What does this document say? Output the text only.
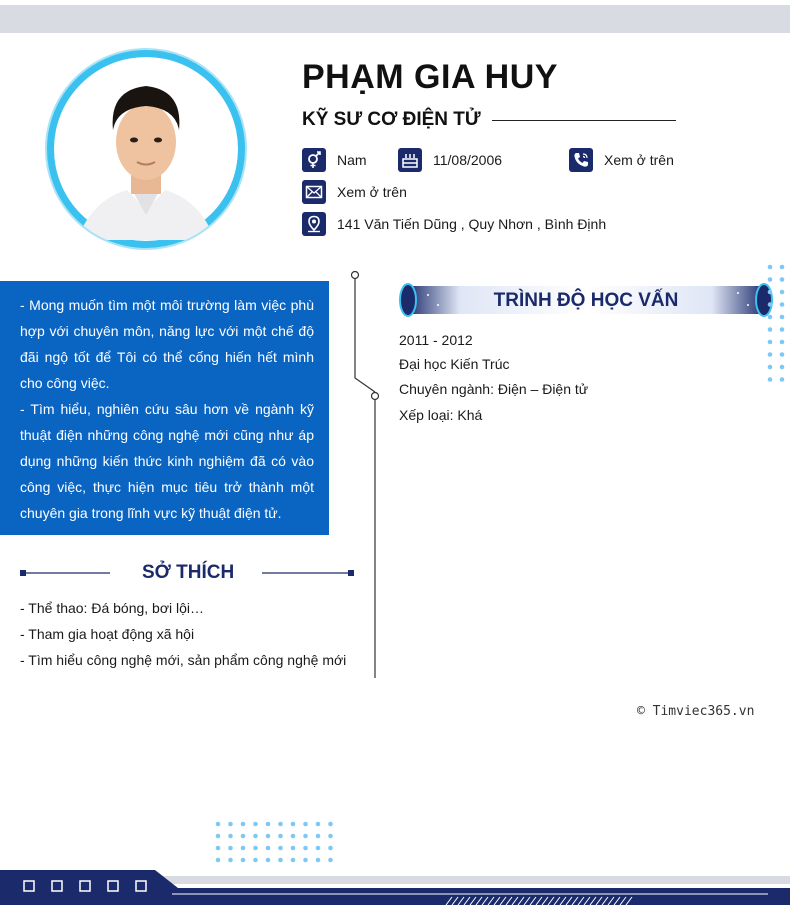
PHẠM GIA HUY
KỸ SƯ CƠ ĐIỆN TỬ
Nam	11/08/2006	Xem ở trên
Xem ở trên
141 Văn Tiến Dũng , Quy Nhơn , Bình Định

- Mong muốn tìm một môi trường làm việc phù hợp với chuyên môn, năng lực với một chế độ đãi ngộ tốt để Tôi có thể cống hiến hết mình cho công việc.

- Tìm hiểu, nghiên cứu sâu hơn về ngành kỹ thuật điện những công nghệ mới cũng như áp dụng những kiến thức kinh nghiệm đã có vào công việc, thực hiện mục tiêu trở thành một chuyên gia trong lĩnh vực kỹ thuật điện tử.

SỞ THÍCH
- Thể thao: Đá bóng, bơi lội…
- Tham gia hoạt động xã hội
- Tìm hiểu công nghệ mới, sản phẩm công nghệ mới
TRÌNH ĐỘ HỌC VẤN
2011 - 2012
Đại học Kiến Trúc
Chuyên ngành: Điện – Điện tử
Xếp loại: Khá
© Timviec365.vn
